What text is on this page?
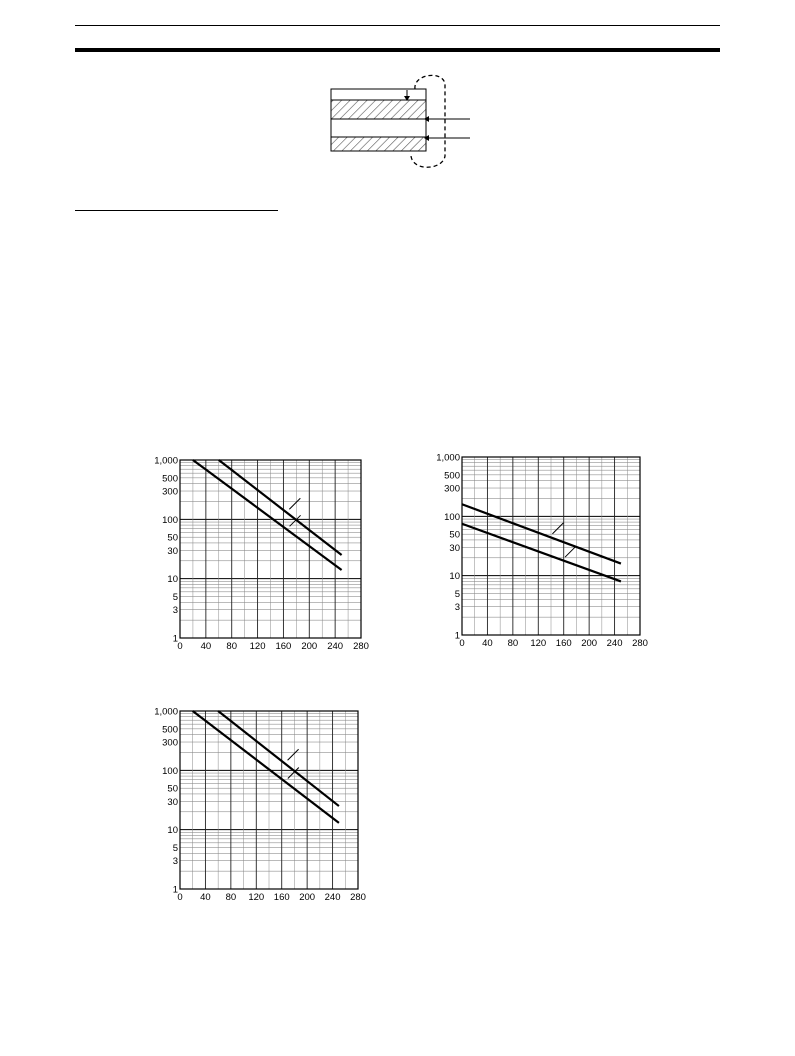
1
3
5
10
30
50
100
300
500
1,000
0 40 80 120 160 200 240 280
1
3
5
10
30
50
100
300
500
1,000
0 40 80 120 160 200 240 280
1
3
5
10
30
50
100
300
500
1,000
0 40 80 120 160 200 240 280
